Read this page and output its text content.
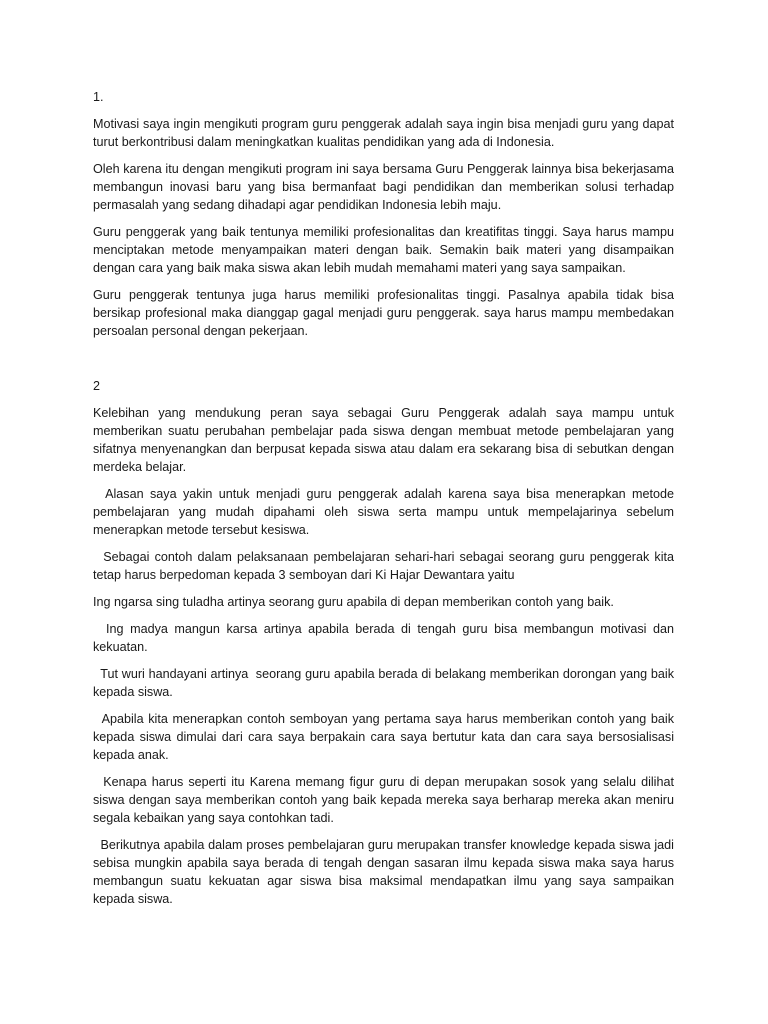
1.

Motivasi saya ingin mengikuti program guru penggerak adalah saya ingin bisa menjadi guru yang dapat turut berkontribusi dalam meningkatkan kualitas pendidikan yang ada di Indonesia.

Oleh karena itu dengan mengikuti program ini saya bersama Guru Penggerak lainnya bisa bekerjasama membangun inovasi baru yang bisa bermanfaat bagi pendidikan dan memberikan solusi terhadap permasalah yang sedang dihadapi agar pendidikan Indonesia lebih maju.

Guru penggerak yang baik tentunya memiliki profesionalitas dan kreatifitas tinggi. Saya harus mampu menciptakan metode menyampaikan materi dengan baik. Semakin baik materi yang disampaikan dengan cara yang baik maka siswa akan lebih mudah memahami materi yang saya sampaikan.

Guru penggerak tentunya juga harus memiliki profesionalitas tinggi. Pasalnya apabila tidak bisa bersikap profesional maka dianggap gagal menjadi guru penggerak. saya harus mampu membedakan persoalan personal dengan pekerjaan.

2

Kelebihan yang mendukung peran saya sebagai Guru Penggerak adalah saya mampu untuk memberikan suatu perubahan pembelajar pada siswa dengan membuat metode pembelajaran yang sifatnya menyenangkan dan berpusat kepada siswa atau dalam era sekarang bisa di sebutkan dengan merdeka belajar.

Alasan saya yakin untuk menjadi guru penggerak adalah karena saya bisa menerapkan metode pembelajaran yang mudah dipahami oleh siswa serta mampu untuk mempelajarinya sebelum menerapkan metode tersebut kesiswa.

Sebagai contoh dalam pelaksanaan pembelajaran sehari-hari sebagai seorang guru penggerak kita tetap harus berpedoman kepada 3 semboyan dari Ki Hajar Dewantara yaitu

Ing ngarsa sing tuladha artinya seorang guru apabila di depan memberikan contoh yang baik.

Ing madya mangun karsa artinya apabila berada di tengah guru bisa membangun motivasi dan kekuatan.

Tut wuri handayani artinya  seorang guru apabila berada di belakang memberikan dorongan yang baik kepada siswa.

Apabila kita menerapkan contoh semboyan yang pertama saya harus memberikan contoh yang baik kepada siswa dimulai dari cara saya berpakain cara saya bertutur kata dan cara saya bersosialisasi kepada anak.

Kenapa harus seperti itu Karena memang figur guru di depan merupakan sosok yang selalu dilihat siswa dengan saya memberikan contoh yang baik kepada mereka saya berharap mereka akan meniru segala kebaikan yang saya contohkan tadi.

Berikutnya apabila dalam proses pembelajaran guru merupakan transfer knowledge kepada siswa jadi sebisa mungkin apabila saya berada di tengah dengan sasaran ilmu kepada siswa maka saya harus membangun suatu kekuatan agar siswa bisa maksimal mendapatkan ilmu yang saya sampaikan kepada siswa.
